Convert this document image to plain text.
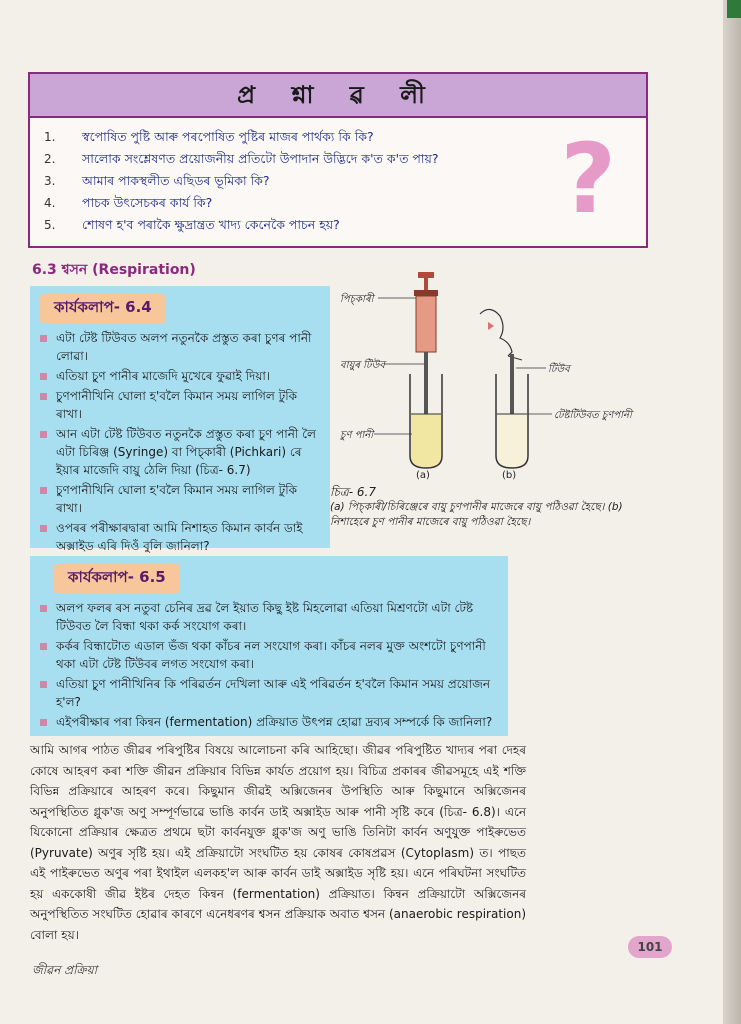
প্র শ্না ৱ লী
1. স্বপোষিত পুষ্টি আৰু পৰপোষিত পুষ্টিৰ মাজৰ পাৰ্থক্য কি কি?
2. সালোক সংশ্লেষণত প্ৰয়োজনীয় প্ৰতিটো উপাদান উদ্ভিদে ক'ত ক'ত পায়?
3. আমাৰ পাকস্থলীত এছিডৰ ভূমিকা কি?
4. পাচক উৎসেচকৰ কাৰ্য কি?
5. শোষণ হ'ব পৰাকৈ ক্ষুদ্ৰান্ত্ৰত খাদ্য কেনেকৈ পাচন হয়?	?
6.3 শ্বসন (Respiration)
কাৰ্যকলাপ- 6.4
এটা টেষ্ট টিউবত অলপ নতুনকৈ প্ৰস্তুত কৰা চুণৰ পানী লোৱা।
এতিয়া চুণ পানীৰ মাজেদি মুখেৰে ফুৱাই দিয়া।
চুণপানীখিনি ঘোলা হ'বলৈ কিমান সময় লাগিল টুকি ৰাখা।
আন এটা টেষ্ট টিউবত নতুনকৈ প্ৰস্তুত কৰা চুণ পানী লৈ এটা চিৰিঞ্জ (Syringe) বা পিচ্‌কাৰী (Pichkari) ৰে ইয়াৰ মাজেদি বায়ু ঠেলি দিয়া (চিত্ৰ- 6.7)
চুণপানীখিনি ঘোলা হ'বলৈ কিমান সময় লাগিল টুকি ৰাখা।
ওপৰৰ পৰীক্ষাৰদ্বাৰা আমি নিশাহত কিমান কাৰ্বন ডাই অক্সাইড এৰি দিওঁ বুলি জানিলা?
পিচ্‌কাৰী
বায়ুৰ টিউব
চুণ পানী
টিউব
টেষ্টটিউবত চুণপানী
(a)	(b)
চিত্ৰ- 6.7
(a) পিচ্‌কাৰী/চিৰিঞ্জেৰে বায়ু চুণপানীৰ মাজেৰে বায়ু পঠিওৱা হৈছে। (b) নিশাহেৰে চুণ পানীৰ মাজেৰে বায়ু পঠিওৱা হৈছে।
কাৰ্যকলাপ- 6.5
অলপ ফলৰ ৰস নতুবা চেনিৰ দ্ৰৱ লৈ ইয়াত কিছু ইষ্ট মিহলোৱা এতিয়া মিশ্ৰণটো এটা টেষ্ট টিউবত লৈ বিন্ধা থকা কৰ্ক সংযোগ কৰা।
কৰ্কৰ বিন্ধাটোত এডাল ভঁজ থকা কাঁচৰ নল সংযোগ কৰা। কাঁচৰ নলৰ মুক্ত অংশটো চুণপানী থকা এটা টেষ্ট টিউবৰ লগত সংযোগ কৰা।
এতিয়া চুণ পানীখিনিৰ কি পৰিৱৰ্তন দেখিলা আৰু এই পৰিৱৰ্তন হ'বলৈ কিমান সময় প্ৰয়োজন হ'ল?
এইপৰীক্ষাৰ পৰা কিন্বন (fermentation) প্ৰক্ৰিয়াত উৎপন্ন হোৱা দ্ৰব্যৰ সম্পৰ্কে কি জানিলা?
আমি আগৰ পাঠত জীৱৰ পৰিপুষ্টিৰ বিষয়ে আলোচনা কৰি আহিছো। জীৱৰ পৰিপুষ্টিত খাদ্যৰ পৰা দেহৰ কোষে আহৰণ কৰা শক্তি জীৱন প্ৰক্ৰিয়াৰ বিভিন্ন কাৰ্যত প্ৰয়োগ হয়। বিচিত্ৰ প্ৰকাৰৰ জীৱসমূহে এই শক্তি বিভিন্ন প্ৰক্ৰিয়াৰে আহৰণ কৰে। কিছুমান জীৱই অক্সিজেনৰ উপস্থিতি আৰু কিছুমানে অক্সিজেনৰ অনুপস্থিতিত গ্লুক'জ অণু সম্পূৰ্ণভাৱে ভাঙি কাৰ্বন ডাই অক্সাইড আৰু পানী সৃষ্টি কৰে (চিত্ৰ- 6.8)। এনে যিকোনো প্ৰক্ৰিয়াৰ ক্ষেত্ৰত প্ৰথমে ছটা কাৰ্বনযুক্ত গ্লুক'জ অণু ভাঙি তিনিটা কাৰ্বন অণুযুক্ত পাইৰুভেত (Pyruvate) অণুৰ সৃষ্টি হয়। এই প্ৰক্ৰিয়াটো সংঘটিত হয় কোষৰ কোষপ্ৰৱস (Cytoplasm) ত। পাছত এই পাইৰুভেত অণুৰ পৰা ইথাইল এলকহ'ল আৰু কাৰ্বন ডাই অক্সাইড সৃষ্টি হয়। এনে পৰিঘটনা সংঘটিত হয় এককোষী জীৱ ইষ্টৰ দেহত কিন্বন (fermentation) প্ৰক্ৰিয়াত। কিন্বন প্ৰক্ৰিয়াটো অক্সিজেনৰ অনুপস্থিতিত সংঘটিত হোৱাৰ কাৰণে এনেধৰণৰ শ্বসন প্ৰক্ৰিয়াক অবাত শ্বসন (anaerobic respiration) বোলা হয়।
101
জীৱন প্ৰক্ৰিয়া
